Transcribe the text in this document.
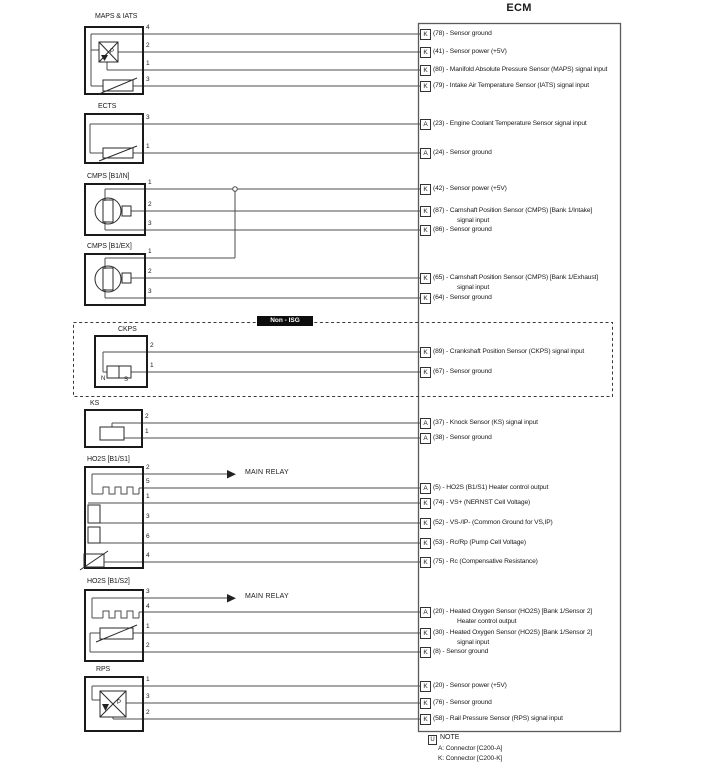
ECM
MAPS & IATS
ECTS
CMPS [B1/IN]
CMPS [B1/EX]
CKPS
KS
HO2S [B1/S1]
HO2S [B1/S2]
RPS
4
2
1
3
3
1
1
2
3
1
2
3
2
1
2
1
2
5
1
3
6
4
3
4
1
2
1
3
2
P
P
N	S
Non - ISG
MAIN RELAY
MAIN RELAY
K (78) - Sensor ground
K (41) - Sensor power (+5V)
K (80) - Manifold Absolute Pressure Sensor (MAPS) signal input
K (79) - Intake Air Temperature Sensor (IATS) signal input
A (23) - Engine Coolant Temperature Sensor signal input
A (24) - Sensor ground
K (42) - Sensor power (+5V)
K (87) - Camshaft Position Sensor (CMPS) [Bank 1/Intake]
signal input
K (86) - Sensor ground
K (65) - Camshaft Position Sensor (CMPS) [Bank 1/Exhaust]
signal input
K (64) - Sensor ground
K (89) - Crankshaft Position Sensor (CKPS) signal input
K (67) - Sensor ground
A (37) - Knock Sensor (KS) signal input
A (38) - Sensor ground
A (5) - HO2S (B1/S1) Heater control output
K (74) - VS+ (NERNST Cell Voltage)
K (52) - VS-/IP- (Common Ground for VS,IP)
K (53) - Rc/Rp (Pump Cell Voltage)
K (75) - Rc (Compensative Resistance)
A (20) - Heated Oxygen Sensor (HO2S) [Bank 1/Sensor 2]
Heater control output
K (30) - Heated Oxygen Sensor (HO2S) [Bank 1/Sensor 2]
signal input
K (8) - Sensor ground
K (20) - Sensor power (+5V)
K (76) - Sensor ground
K (58) - Rail Pressure Sensor (RPS) signal input
U NOTE
A: Connector [C200-A]
K: Connector [C200-K]
